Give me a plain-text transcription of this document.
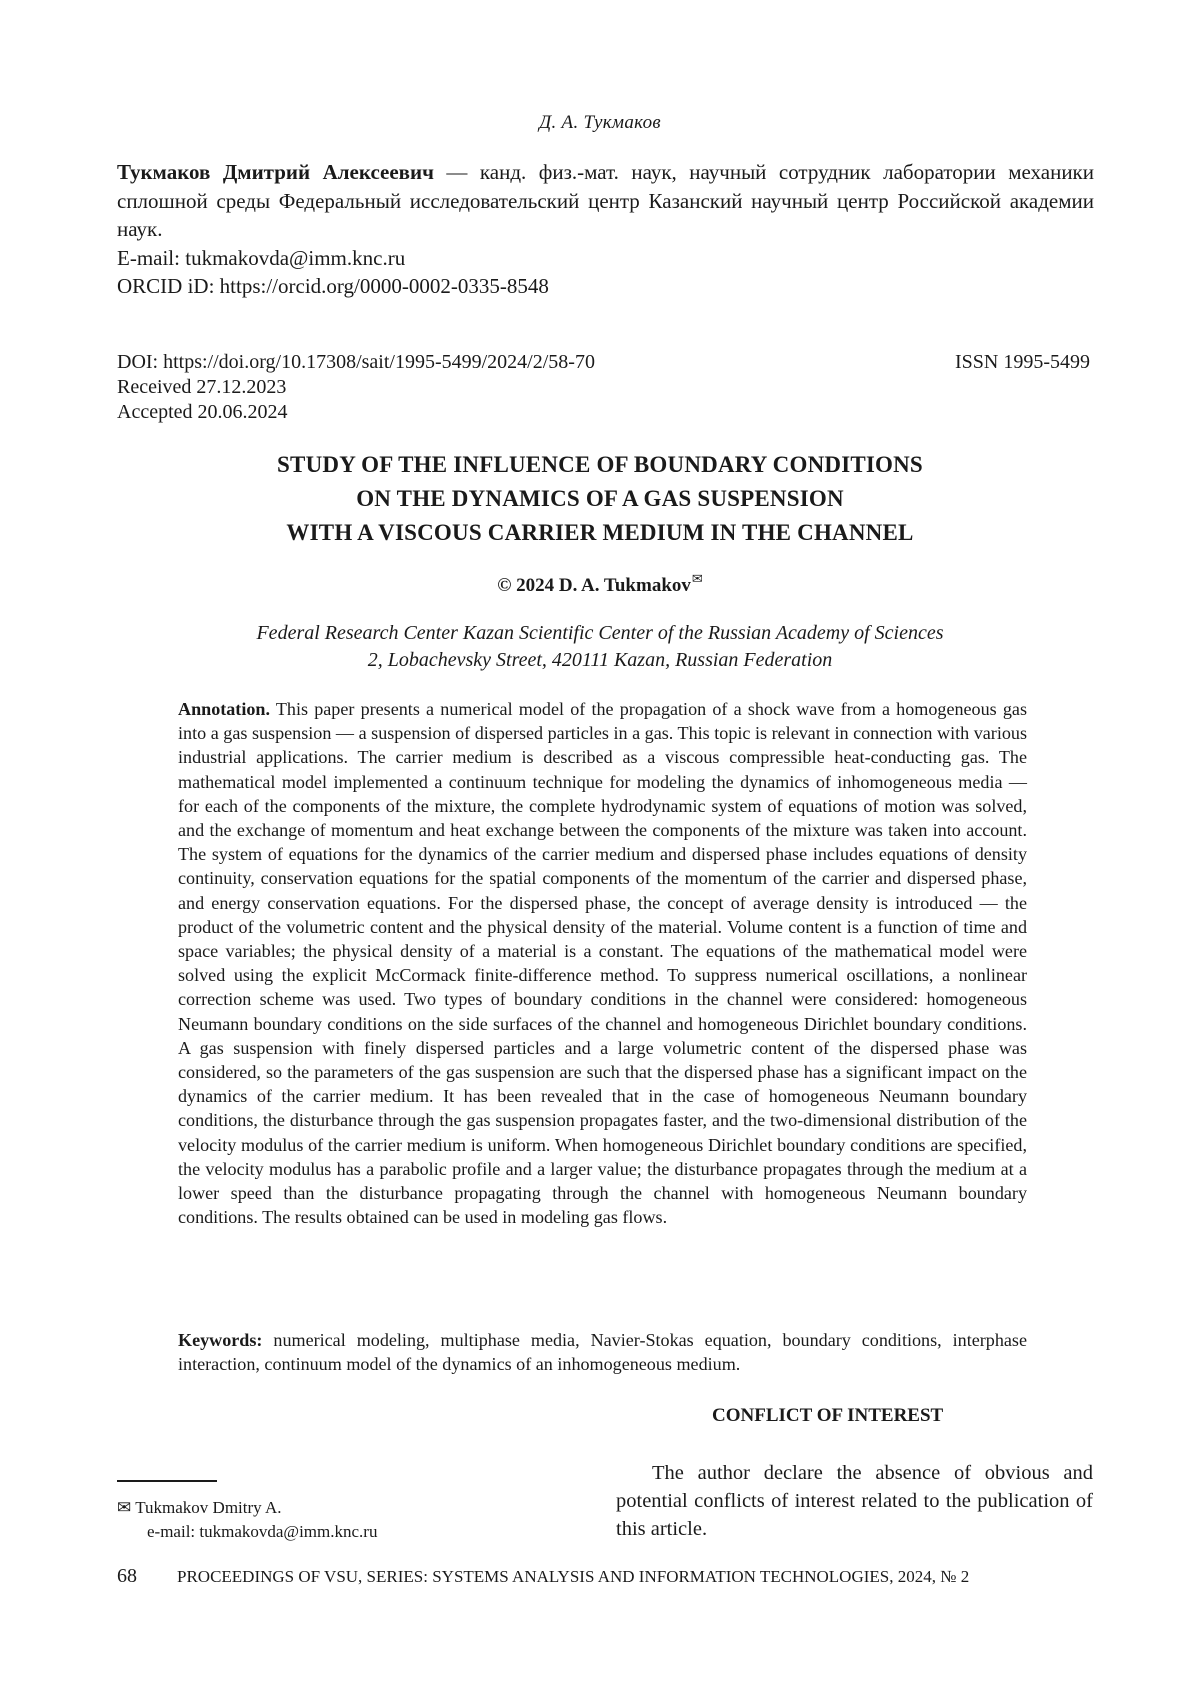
Д. А. Тукмаков
Тукмаков Дмитрий Алексеевич — канд. физ.-мат. наук, научный сотрудник лаборатории механики сплошной среды Федеральный исследовательский центр Казанский научный центр Российской академии наук.
E-mail: tukmakovda@imm.knc.ru
ORCID iD: https://orcid.org/0000-0002-0335-8548
DOI: https://doi.org/10.17308/sait/1995-5499/2024/2/58-70
Received 27.12.2023
Accepted 20.06.2024
ISSN 1995-5499
STUDY OF THE INFLUENCE OF BOUNDARY CONDITIONS
ON THE DYNAMICS OF A GAS SUSPENSION
WITH A VISCOUS CARRIER MEDIUM IN THE CHANNEL
© 2024 D. A. Tukmakov✉
Federal Research Center Kazan Scientific Center of the Russian Academy of Sciences
2, Lobachevsky Street, 420111 Kazan, Russian Federation
Annotation. This paper presents a numerical model of the propagation of a shock wave from a homogeneous gas into a gas suspension — a suspension of dispersed particles in a gas. This topic is relevant in connection with various industrial applications. The carrier medium is described as a viscous compressible heat-conducting gas. The mathematical model implemented a continuum technique for modeling the dynamics of inhomogeneous media — for each of the components of the mixture, the complete hydrodynamic system of equations of motion was solved, and the exchange of momentum and heat exchange between the components of the mixture was taken into account. The system of equations for the dynamics of the carrier medium and dispersed phase includes equations of density continuity, conservation equations for the spatial components of the momentum of the carrier and dispersed phase, and energy conservation equations. For the dispersed phase, the concept of average density is introduced — the product of the volumetric content and the physical density of the material. Volume content is a function of time and space variables; the physical density of a material is a constant. The equations of the mathematical model were solved using the explicit McCormack finite-difference method. To suppress numerical oscillations, a nonlinear correction scheme was used. Two types of boundary conditions in the channel were considered: homogeneous Neumann boundary conditions on the side surfaces of the channel and homogeneous Dirichlet boundary conditions. A gas suspension with finely dispersed particles and a large volumetric content of the dispersed phase was considered, so the parameters of the gas suspension are such that the dispersed phase has a significant impact on the dynamics of the carrier medium. It has been revealed that in the case of homogeneous Neumann boundary conditions, the disturbance through the gas suspension propagates faster, and the two-dimensional distribution of the velocity modulus of the carrier medium is uniform. When homogeneous Dirichlet boundary conditions are specified, the velocity modulus has a parabolic profile and a larger value; the disturbance propagates through the medium at a lower speed than the disturbance propagating through the channel with homogeneous Neumann boundary conditions. The results obtained can be used in modeling gas flows.
Keywords: numerical modeling, multiphase media, Navier-Stokas equation, boundary conditions, interphase interaction, continuum model of the dynamics of an inhomogeneous medium.
CONFLICT OF INTEREST
The author declare the absence of obvious and potential conflicts of interest related to the publication of this article.
✉ Tukmakov Dmitry A.
e-mail: tukmakovda@imm.knc.ru
68 PROCEEDINGS OF VSU, SERIES: SYSTEMS ANALYSIS AND INFORMATION TECHNOLOGIES, 2024, № 2
